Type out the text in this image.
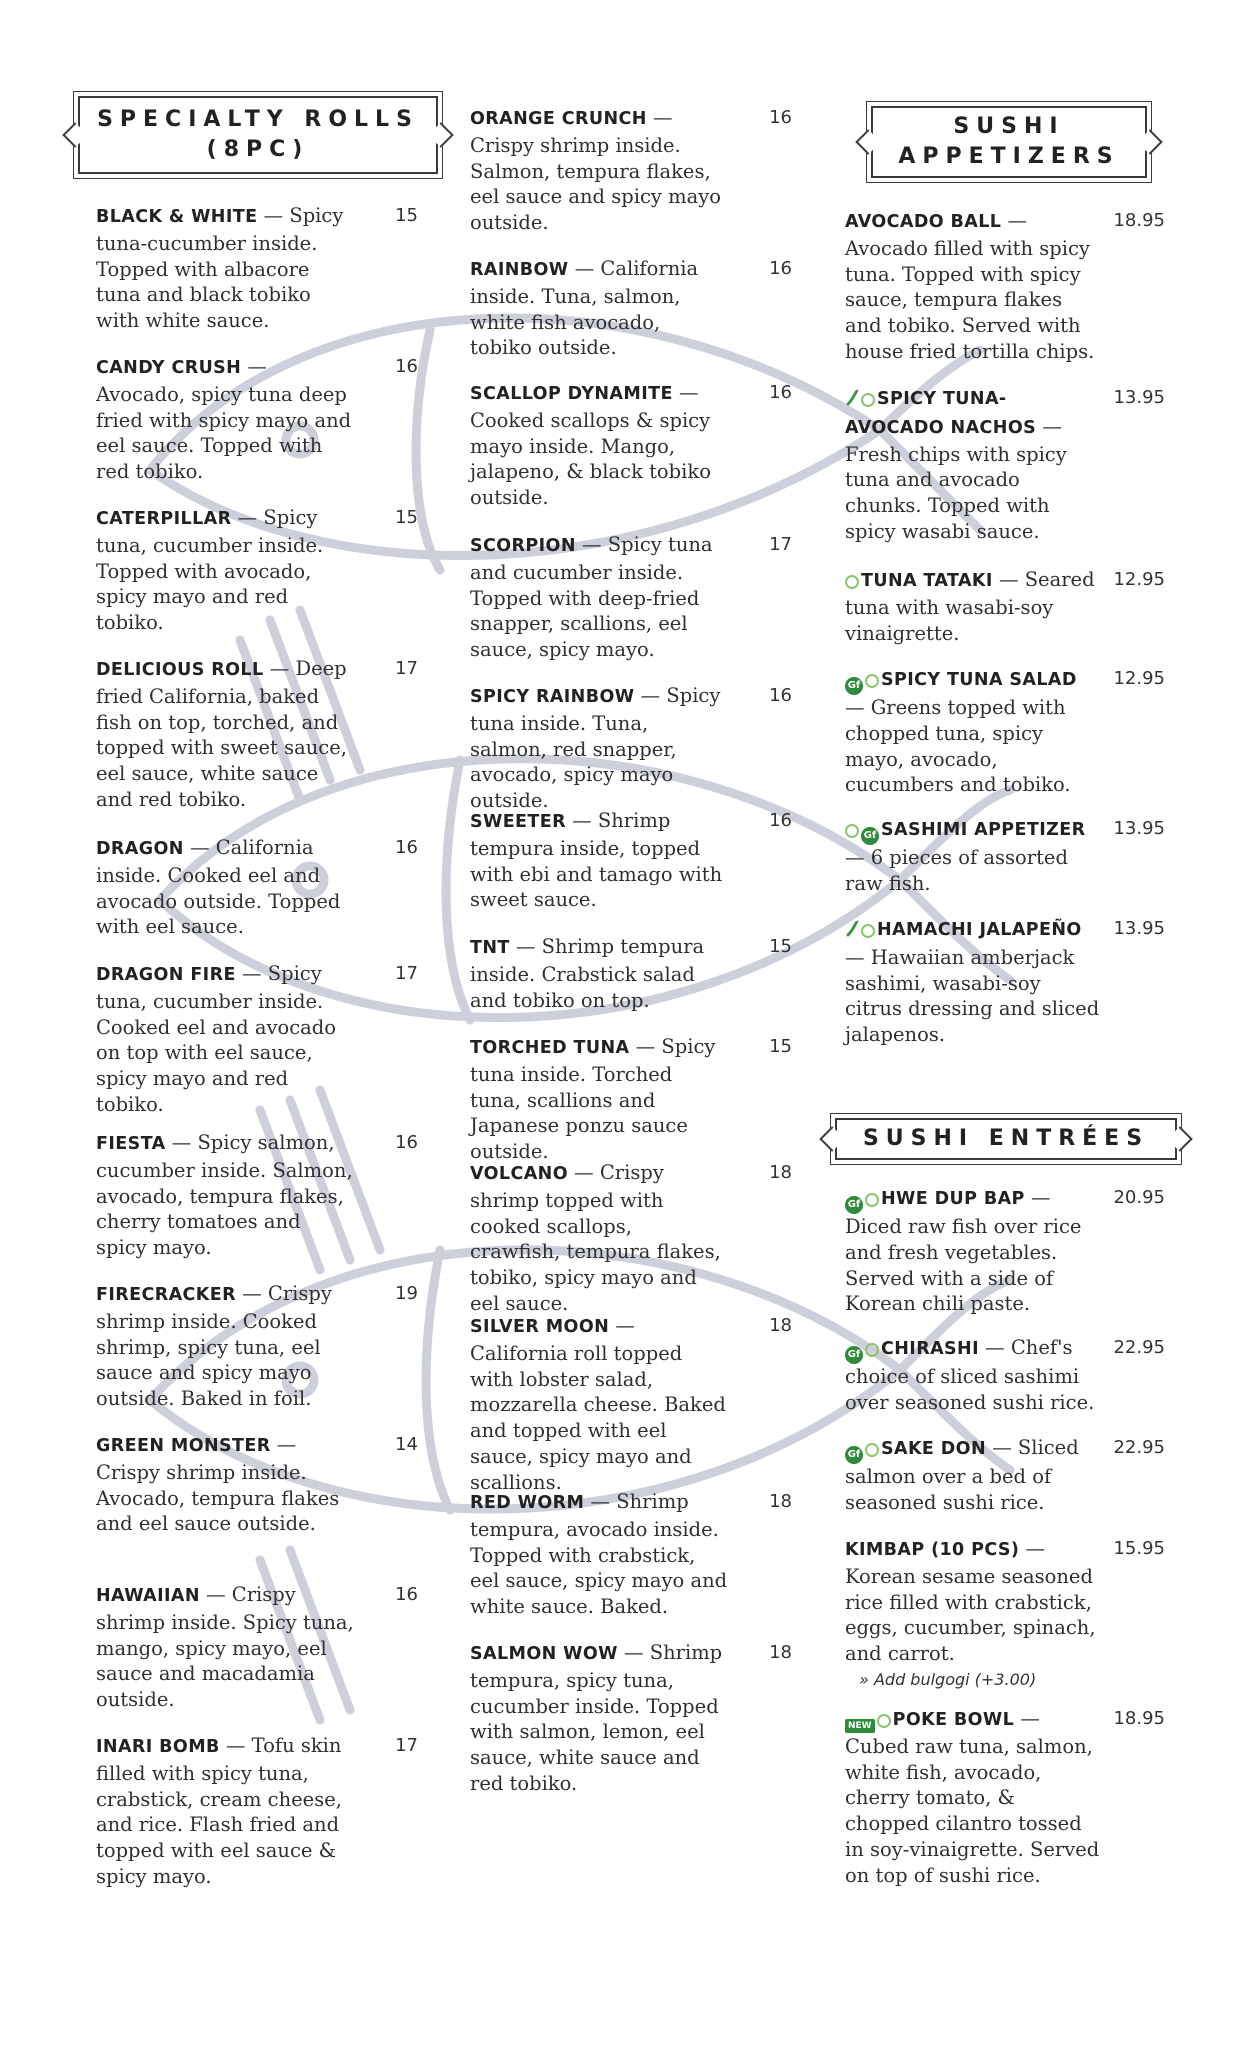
SPECIALTY ROLLS
(8PC)
BLACK & WHITE — Spicy tuna-cucumber inside. Topped with albacore tuna and black tobiko with white sauce.
15
CANDY CRUSH — Avocado, spicy tuna deep fried with spicy mayo and eel sauce. Topped with red tobiko.
16
CATERPILLAR — Spicy tuna, cucumber inside. Topped with avocado, spicy mayo and red tobiko.
15
DELICIOUS ROLL — Deep fried California, baked fish on top, torched, and topped with sweet sauce, eel sauce, white sauce and red tobiko.
17
DRAGON — California inside. Cooked eel and avocado outside. Topped with eel sauce.
16
DRAGON FIRE — Spicy tuna, cucumber inside. Cooked eel and avocado on top with eel sauce, spicy mayo and red tobiko.
17
FIESTA — Spicy salmon, cucumber inside. Salmon, avocado, tempura flakes, cherry tomatoes and spicy mayo.
16
FIRECRACKER — Crispy shrimp inside. Cooked shrimp, spicy tuna, eel sauce and spicy mayo outside. Baked in foil.
19
GREEN MONSTER — Crispy shrimp inside. Avocado, tempura flakes and eel sauce outside.
14
HAWAIIAN — Crispy shrimp inside. Spicy tuna, mango, spicy mayo, eel sauce and macadamia outside.
16
INARI BOMB — Tofu skin filled with spicy tuna, crabstick, cream cheese, and rice. Flash fried and topped with eel sauce & spicy mayo.
17
ORANGE CRUNCH — Crispy shrimp inside. Salmon, tempura flakes, eel sauce and spicy mayo outside.
16
RAINBOW — California inside. Tuna, salmon, white fish avocado, tobiko outside.
16
SCALLOP DYNAMITE — Cooked scallops & spicy mayo inside. Mango, jalapeno, & black tobiko outside.
16
SCORPION — Spicy tuna and cucumber inside. Topped with deep-fried snapper, scallions, eel sauce, spicy mayo.
17
SPICY RAINBOW — Spicy tuna inside. Tuna, salmon, red snapper, avocado, spicy mayo outside.
16
SWEETER — Shrimp tempura inside, topped with ebi and tamago with sweet sauce.
16
TNT — Shrimp tempura inside. Crabstick salad and tobiko on top.
15
TORCHED TUNA — Spicy tuna inside. Torched tuna, scallions and Japanese ponzu sauce outside.
15
VOLCANO — Crispy shrimp topped with cooked scallops, crawfish, tempura flakes, tobiko, spicy mayo and eel sauce.
18
SILVER MOON — California roll topped with lobster salad, mozzarella cheese. Baked and topped with eel sauce, spicy mayo and scallions.
18
RED WORM — Shrimp tempura, avocado inside. Topped with crabstick, eel sauce, spicy mayo and white sauce. Baked.
18
SALMON WOW — Shrimp tempura, spicy tuna, cucumber inside. Topped with salmon, lemon, eel sauce, white sauce and red tobiko.
18
SUSHI
APPETIZERS
AVOCADO BALL — Avocado filled with spicy tuna. Topped with spicy sauce, tempura flakes and tobiko. Served with house fried tortilla chips.
18.95
SPICY TUNA-AVOCADO NACHOS — Fresh chips with spicy tuna and avocado chunks. Topped with spicy wasabi sauce.
13.95
TUNA TATAKI — Seared tuna with wasabi-soy vinaigrette.
12.95
Gf SPICY TUNA SALAD — Greens topped with chopped tuna, spicy mayo, avocado, cucumbers and tobiko.
12.95
Gf SASHIMI APPETIZER — 6 pieces of assorted raw fish.
13.95
HAMACHI JALAPEÑO — Hawaiian amberjack sashimi, wasabi-soy citrus dressing and sliced jalapenos.
13.95
SUSHI ENTRÉES
Gf HWE DUP BAP — Diced raw fish over rice and fresh vegetables. Served with a side of Korean chili paste.
20.95
Gf CHIRASHI — Chef's choice of sliced sashimi over seasoned sushi rice.
22.95
Gf SAKE DON — Sliced salmon over a bed of seasoned sushi rice.
22.95
KIMBAP (10 PCS) — Korean sesame seasoned rice filled with crabstick, eggs, cucumber, spinach, and carrot.
» Add bulgogi (+3.00)
15.95
NEW POKE BOWL — Cubed raw tuna, salmon, white fish, avocado, cherry tomato, & chopped cilantro tossed in soy-vinaigrette. Served on top of sushi rice.
18.95
